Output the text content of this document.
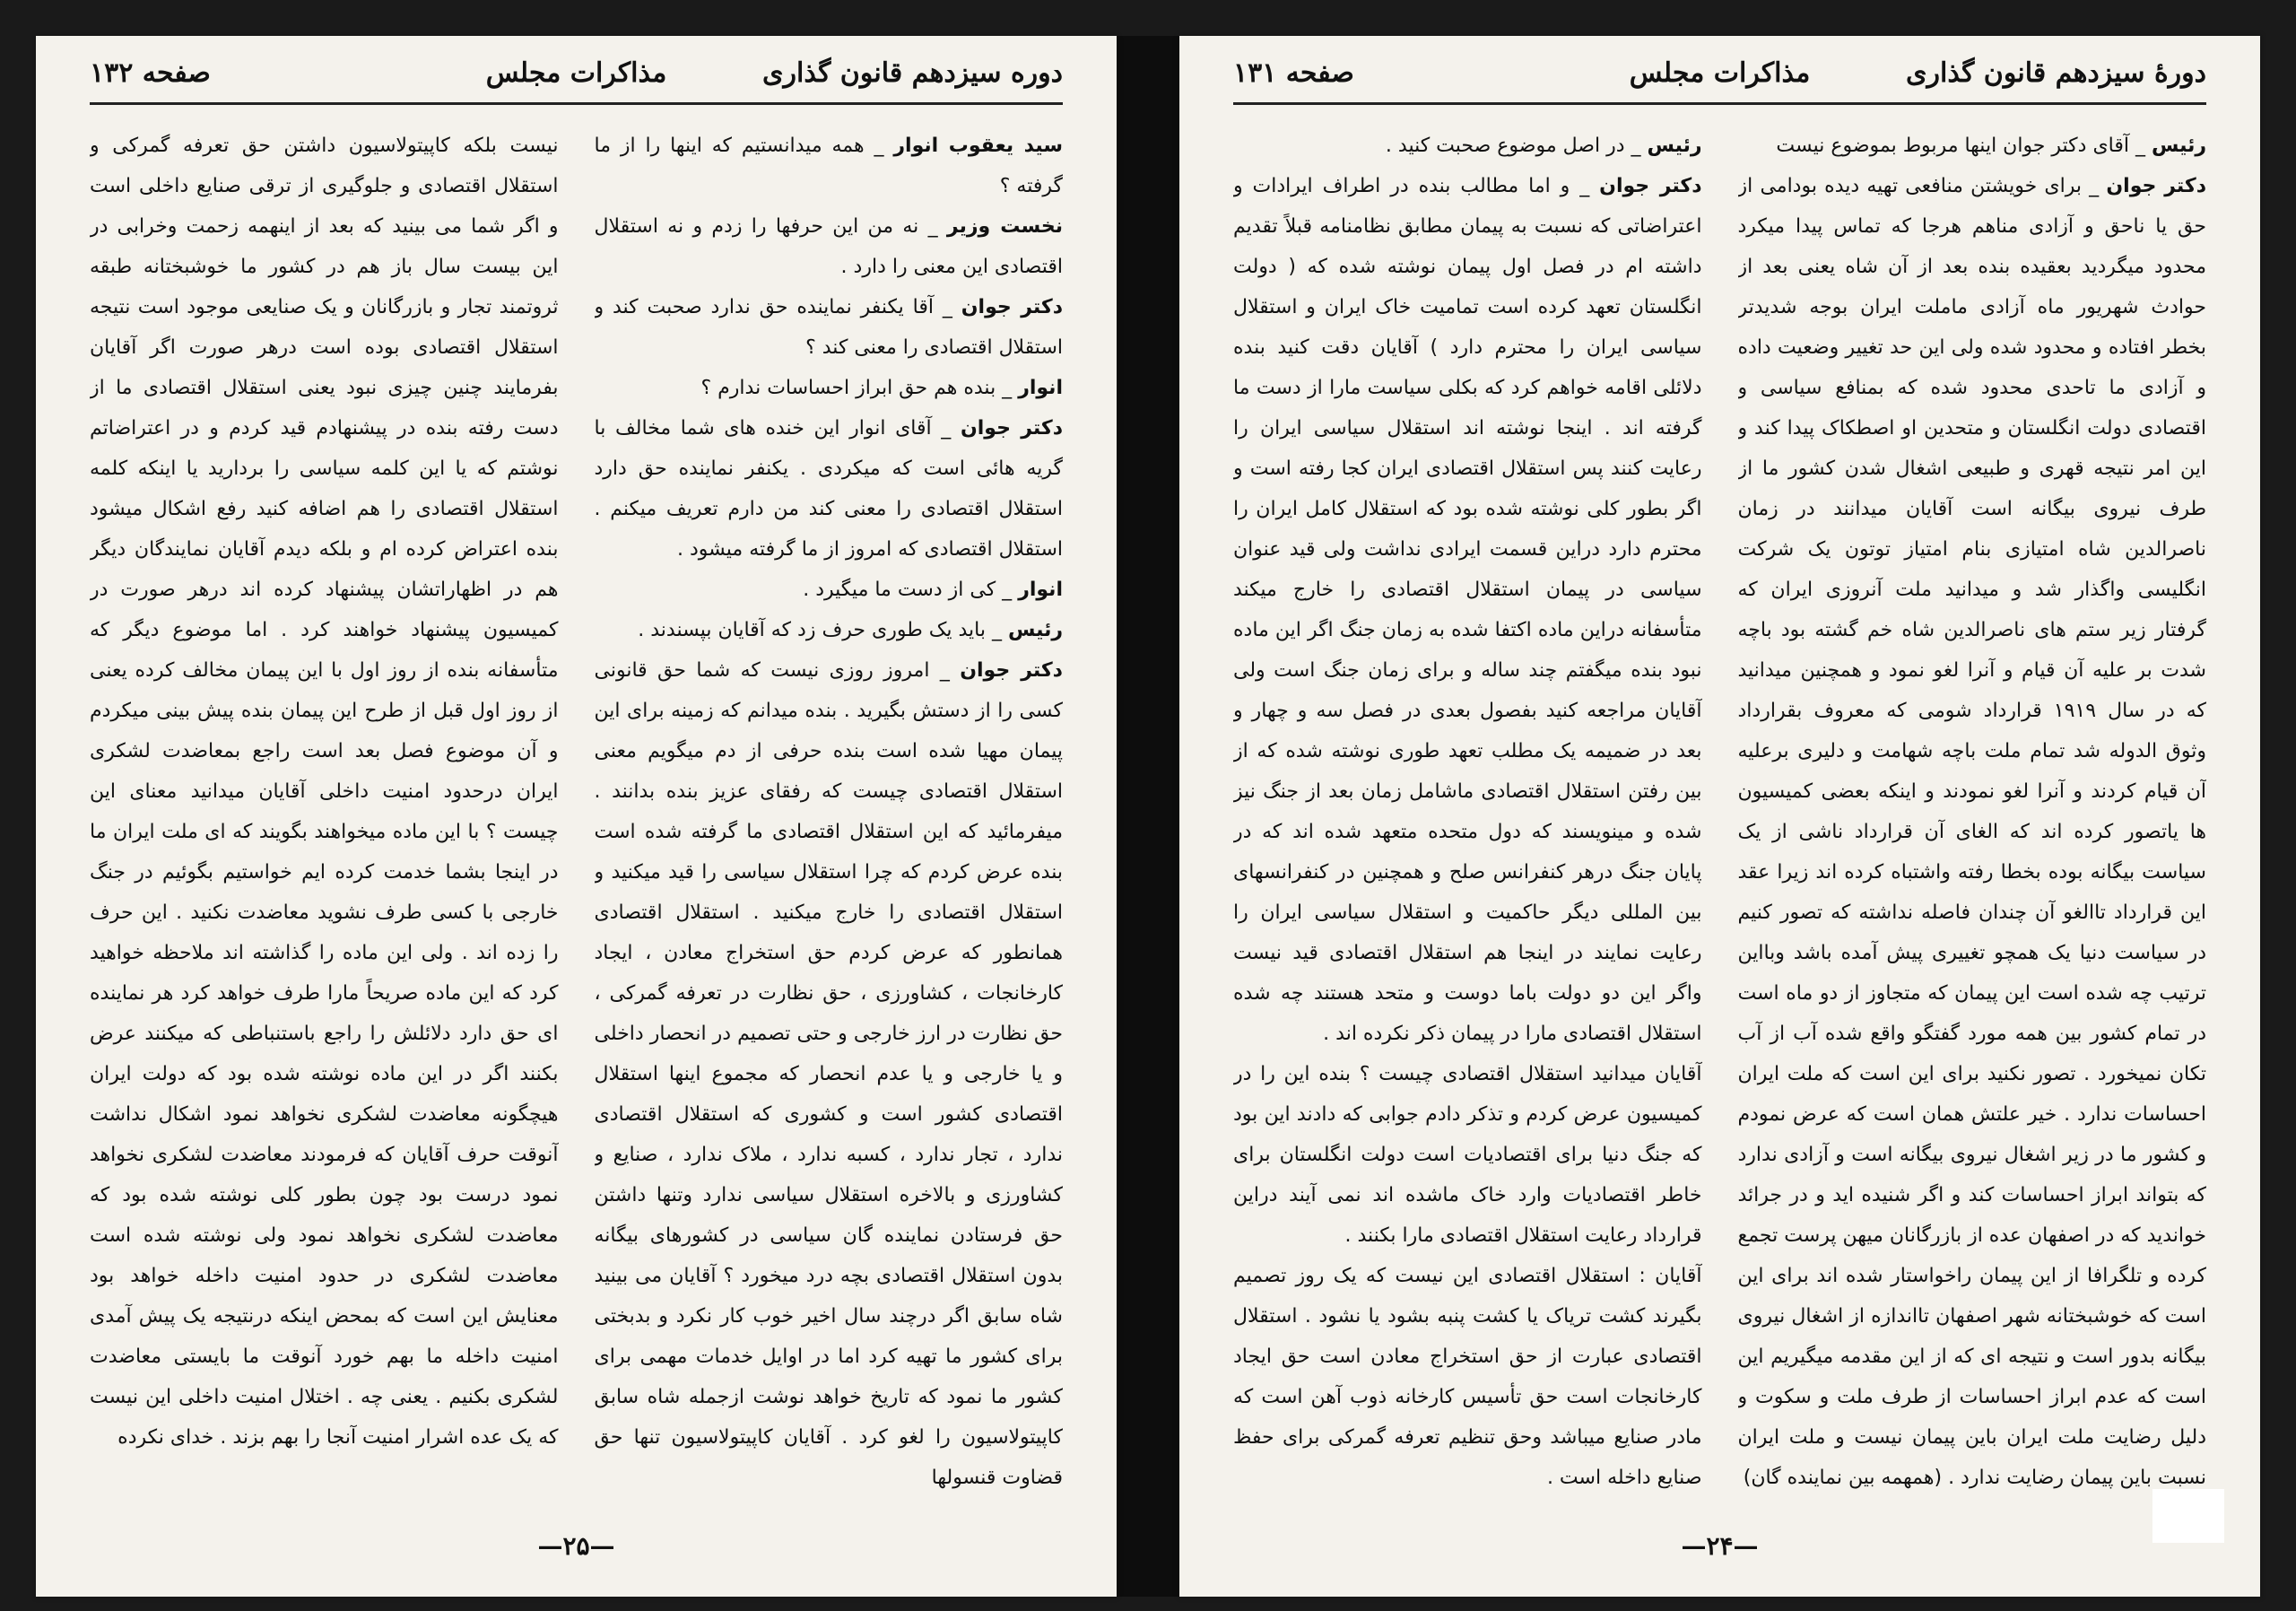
دوره سیزدهم قانون گذاری
مذاکرات مجلس
صفحه ۱۳۲

سید یعقوب انوار _ همه میدانستیم که اینها را از ما گرفته ؟

نخست وزیر _ نه من این حرفها را زدم و نه استقلال اقتصادی این معنی را دارد .

دکتر جوان _ آقا یکنفر نماینده حق ندارد صحبت کند و استقلال اقتصادی را معنی کند ؟

انوار _ بنده هم حق ابراز احساسات ندارم ؟

دکتر جوان _ آقای انوار این خنده های شما مخالف با گریه هائی است که میکردی . یکنفر نماینده حق دارد استقلال اقتصادی را معنی کند من دارم تعریف میکنم . استقلال اقتصادی که امروز از ما گرفته میشود .

انوار _ کی از دست ما میگیرد .

رئیس _ باید یک طوری حرف زد که آقایان بپسندند .

دکتر جوان _ امروز روزی نیست که شما حق قانونی کسی را از دستش بگیرید . بنده میدانم که زمینه برای این پیمان مهیا شده است بنده حرفی از دم میگویم معنی استقلال اقتصادی چیست که رفقای عزیز بنده بدانند . میفرمائید که این استقلال اقتصادی ما گرفته شده است بنده عرض کردم که چرا استقلال سیاسی را قید میکنید و استقلال اقتصادی را خارج میکنید . استقلال اقتصادی همانطور که عرض کردم حق استخراج معادن ، ایجاد کارخانجات ، کشاورزی ، حق نظارت در تعرفه گمرکی ، حق نظارت در ارز خارجی و حتی تصمیم در انحصار داخلی و یا خارجی و یا عدم انحصار که مجموع اینها استقلال اقتصادی کشور است و کشوری که استقلال اقتصادی ندارد ، تجار ندارد ، کسبه ندارد ، ملاک ندارد ، صنایع و کشاورزی و بالاخره استقلال سیاسی ندارد وتنها داشتن حق فرستادن نماینده گان سیاسی در کشورهای بیگانه بدون استقلال اقتصادی بچه درد میخورد ؟ آقایان می بینید شاه سابق اگر درچند سال اخیر خوب کار نکرد و بدبختی برای کشور ما تهیه کرد اما در اوایل خدمات مهمی برای کشور ما نمود که تاریخ خواهد نوشت ازجمله شاه سابق کاپیتولاسیون را لغو کرد . آقایان کاپیتولاسیون تنها حق قضاوت قنسولها

نیست بلکه کاپیتولاسیون داشتن حق تعرفه گمرکی و استقلال اقتصادی و جلوگیری از ترقی صنایع داخلی است و اگر شما می بینید که بعد از اینهمه زحمت وخرابی در این بیست سال باز هم در کشور ما خوشبختانه طبقه ثروتمند تجار و بازرگانان و یک صنایعی موجود است نتیجه استقلال اقتصادی بوده است درهر صورت اگر آقایان بفرمایند چنین چیزی نبود یعنی استقلال اقتصادی ما از دست رفته بنده در پیشنهادم قید کردم و در اعتراضاتم نوشتم که یا این کلمه سیاسی را بردارید یا اینکه کلمه استقلال اقتصادی را هم اضافه کنید رفع اشکال میشود بنده اعتراض کرده ام و بلکه دیدم آقایان نمایندگان دیگر هم در اظهاراتشان پیشنهاد کرده اند درهر صورت در کمیسیون پیشنهاد خواهند کرد . اما موضوع دیگر که متأسفانه بنده از روز اول با این پیمان مخالف کرده یعنی از روز اول قبل از طرح این پیمان بنده پیش بینی میکردم و آن موضوع فصل بعد است راجع بمعاضدت لشکری ایران درحدود امنیت داخلی آقایان میدانید معنای این چیست ؟ با این ماده میخواهند بگویند که ای ملت ایران ما در اینجا بشما خدمت کرده ایم خواستیم بگوئیم در جنگ خارجی با کسی طرف نشوید معاضدت نکنید . این حرف را زده اند . ولی این ماده را گذاشته اند ملاحظه خواهید کرد که این ماده صریحاً مارا طرف خواهد کرد هر نماینده ای حق دارد دلائلش را راجع باستنباطی که میکنند عرض بکنند اگر در این ماده نوشته شده بود که دولت ایران هیچگونه معاضدت لشکری نخواهد نمود اشکال نداشت آنوقت حرف آقایان که فرمودند معاضدت لشکری نخواهد نمود درست بود چون بطور کلی نوشته شده بود که معاضدت لشکری نخواهد نمود ولی نوشته شده است معاضدت لشکری در حدود امنیت داخله خواهد بود معنایش این است که بمحض اینکه درنتیجه یک پیش آمدی امنیت داخله ما بهم خورد آنوقت ما بایستی معاضدت لشکری بکنیم . یعنی چه . اختلال امنیت داخلی این نیست که یک عده اشرار امنیت آنجا را بهم بزند . خدای نکرده

—۲۵—
دورهٔ سیزدهم قانون گذاری
مذاکرات مجلس
صفحه ۱۳۱

رئیس _ آقای دکتر جوان اینها مربوط بموضوع نیست

دکتر جوان _ برای خویشتن منافعی تهیه دیده بودامی از حق یا ناحق و آزادی مناهم هرجا که تماس پیدا میکرد محدود میگردید بعقیده بنده بعد از آن شاه یعنی بعد از حوادث شهریور ماه آزادی ماملت ایران بوجه شدیدتر بخطر افتاده و محدود شده ولی این حد تغییر وضعیت داده و آزادی ما تاحدی محدود شده که بمنافع سیاسی و اقتصادی دولت انگلستان و متحدین او اصطکاک پیدا کند و این امر نتیجه قهری و طبیعی اشغال شدن کشور ما از طرف نیروی بیگانه است آقایان میدانند در زمان ناصرالدین شاه امتیازی بنام امتیاز توتون یک شرکت انگلیسی واگذار شد و میدانید ملت آنروزی ایران که گرفتار زیر ستم های ناصرالدین شاه خم گشته بود باچه شدت بر علیه آن قیام و آنرا لغو نمود و همچنین میدانید که در سال ۱۹۱۹ قرارداد شومی که معروف بقرارداد وثوق الدوله شد تمام ملت باچه شهامت و دلیری برعلیه آن قیام کردند و آنرا لغو نمودند و اینکه بعضی کمیسیون ها یاتصور کرده اند که الغای آن قرارداد ناشی از یک سیاست بیگانه بوده بخطا رفته واشتباه کرده اند زیرا عقد این قرارداد تاالغو آن چندان فاصله نداشته که تصور کنیم در سیاست دنیا یک همچو تغییری پیش آمده باشد وبااین ترتیب چه شده است این پیمان که متجاوز از دو ماه است در تمام کشور بین همه مورد گفتگو واقع شده آب از آب تکان نمیخورد . تصور نکنید برای این است که ملت ایران احساسات ندارد . خیر علتش همان است که عرض نمودم و کشور ما در زیر اشغال نیروی بیگانه است و آزادی ندارد که بتواند ابراز احساسات کند و اگر شنیده اید و در جرائد خواندید که در اصفهان عده از بازرگانان میهن پرست تجمع کرده و تلگرافا از این پیمان راخواستار شده اند برای این است که خوشبختانه شهر اصفهان تااندازه از اشغال نیروی بیگانه بدور است و نتیجه ای که از این مقدمه میگیریم این است که عدم ابراز احساسات از طرف ملت و سکوت و دلیل رضایت ملت ایران باین پیمان نیست و ملت ایران نسبت باین پیمان رضایت ندارد . (همهمه بین نماینده گان)

رئیس _ در اصل موضوع صحبت کنید .

دکتر جوان _ و اما مطالب بنده در اطراف ایرادات و اعتراضاتی که نسبت به پیمان مطابق نظامنامه قبلاً تقدیم داشته ام در فصل اول پیمان نوشته شده که ( دولت انگلستان تعهد کرده است تمامیت خاک ایران و استقلال سیاسی ایران را محترم دارد ) آقایان دقت کنید بنده دلائلی اقامه خواهم کرد که بکلی سیاست مارا از دست ما گرفته اند . اینجا نوشته اند استقلال سیاسی ایران را رعایت کنند پس استقلال اقتصادی ایران کجا رفته است و اگر بطور کلی نوشته شده بود که استقلال کامل ایران را محترم دارد دراین قسمت ایرادی نداشت ولی قید عنوان سیاسی در پیمان استقلال اقتصادی را خارج میکند متأسفانه دراین ماده اکتفا شده به زمان جنگ اگر این ماده نبود بنده میگفتم چند ساله و برای زمان جنگ است ولی آقایان مراجعه کنید بفصول بعدی در فصل سه و چهار و بعد در ضمیمه یک مطلب تعهد طوری نوشته شده که از بین رفتن استقلال اقتصادی ماشامل زمان بعد از جنگ نیز شده و مینویسند که دول متحده متعهد شده اند که در پایان جنگ درهر کنفرانس صلح و همچنین در کنفرانسهای بین المللی دیگر حاکمیت و استقلال سیاسی ایران را رعایت نمایند در اینجا هم استقلال اقتصادی قید نیست واگر این دو دولت باما دوست و متحد هستند چه شده استقلال اقتصادی مارا در پیمان ذکر نکرده اند .

آقایان میدانید استقلال اقتصادی چیست ؟ بنده این را در کمیسیون عرض کردم و تذکر دادم جوابی که دادند این بود که جنگ دنیا برای اقتصادیات است دولت انگلستان برای خاطر اقتصادیات وارد خاک ماشده اند نمی آیند دراین قرارداد رعایت استقلال اقتصادی مارا بکنند .

آقایان : استقلال اقتصادی این نیست که یک روز تصمیم بگیرند کشت تریاک یا کشت پنبه بشود یا نشود . استقلال اقتصادی عبارت از حق استخراج معادن است حق ایجاد کارخانجات است حق تأسیس کارخانه ذوب آهن است که مادر صنایع میباشد وحق تنظیم تعرفه گمرکی برای حفظ صنایع داخله است .

—۲۴—
